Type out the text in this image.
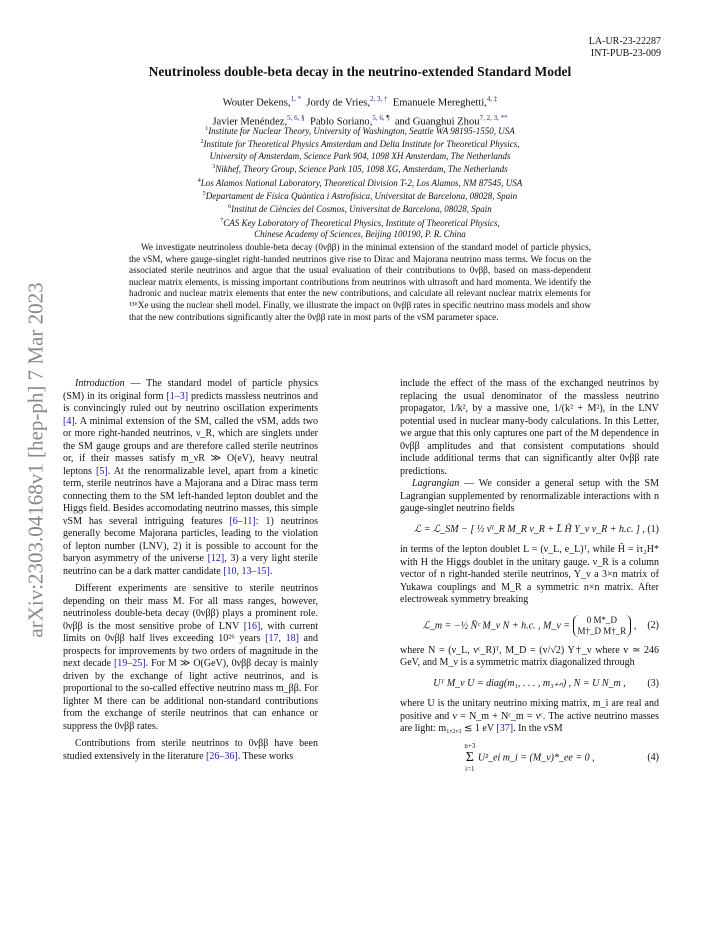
arXiv:2303.04168v1 [hep-ph] 7 Mar 2023
LA-UR-23-22287
INT-PUB-23-009
Neutrinoless double-beta decay in the neutrino-extended Standard Model
Wouter Dekens,$^{1, *}$ Jordy de Vries,$^{2, 3, \dagger}$ Emanuele Mereghetti,$^{4, \ddagger}$
Javier Menéndez,$^{5, 6, \S}$ Pablo Soriano,$^{5, 6, \P}$ and Guanghui Zhou$^{7, 2, 3, **}$
$^1$Institute for Nuclear Theory, University of Washington, Seattle WA 98195-1550, USA
$^2$Institute for Theoretical Physics Amsterdam and Delta Institute for Theoretical Physics,
University of Amsterdam, Science Park 904, 1098 XH Amsterdam, The Netherlands
$^3$Nikhef, Theory Group, Science Park 105, 1098 XG, Amsterdam, The Netherlands
$^4$Los Alamos National Laboratory, Theoretical Division T-2, Los Alamos, NM 87545, USA
$^5$Departament de Física Quàntica i Astrofísica, Universitat de Barcelona, 08028, Spain
$^6$Institut de Ciències del Cosmos, Universitat de Barcelona, 08028, Spain
$^7$CAS Key Laboratory of Theoretical Physics, Institute of Theoretical Physics,
Chinese Academy of Sciences, Beijing 100190, P. R. China
We investigate neutrinoless double-beta decay (0νββ) in the minimal extension of the standard model of particle physics, the νSM, where gauge-singlet right-handed neutrinos give rise to Dirac and Majorana neutrino mass terms. We focus on the associated sterile neutrinos and argue that the usual evaluation of their contributions to 0νββ, based on mass-dependent nuclear matrix elements, is missing important contributions from neutrinos with ultrasoft and hard momenta. We identify the hadronic and nuclear matrix elements that enter the new contributions, and calculate all relevant nuclear matrix elements for ¹³⁶Xe using the nuclear shell model. Finally, we illustrate the impact on 0νββ rates in specific neutrino mass models and show that the new contributions significantly alter the 0νββ rate in most parts of the νSM parameter space.

Introduction — The standard model of particle physics (SM) in its original form [1–3] predicts massless neutrinos and is convincingly ruled out by neutrino oscillation experiments [4]. A minimal extension of the SM, called the νSM, adds two or more right-handed neutrinos, ν_R, which are singlets under the SM gauge groups and are therefore called sterile neutrinos or, if their masses satisfy m_νR ≫ O(eV), heavy neutral leptons [5]. At the renormalizable level, apart from a kinetic term, sterile neutrinos have a Majorana and a Dirac mass term connecting them to the SM left-handed lepton doublet and the Higgs field. Besides accomodating neutrino masses, this simple νSM has several intriguing features [6–11]: 1) neutrinos generally become Majorana particles, leading to the violation of lepton number (LNV), 2) it is possible to account for the baryon asymmetry of the universe [12], 3) a very light sterile neutrino can be a dark matter candidate [10, 13–15].

Different experiments are sensitive to sterile neutrinos depending on their mass M. For all mass ranges, however, neutrinoless double-beta decay (0νββ) plays a prominent role. 0νββ is the most sensitive probe of LNV [16], with current limits on 0νββ half lives exceeding 10²⁶ years [17, 18] and prospects for improvements by two orders of magnitude in the next decade [19–25]. For M ≫ O(GeV), 0νββ decay is mainly driven by the exchange of light active neutrinos, and is proportional to the so-called effective neutrino mass m_ββ. For lighter M there can be additional non-standard contributions from the exchange of sterile neutrinos that can enhance or suppress the 0νββ rates.

Contributions from sterile neutrinos to 0νββ have been studied extensively in the literature [26–36]. These works

include the effect of the mass of the exchanged neutrinos by replacing the usual denominator of the massless neutrino propagator, 1/k², by a massive one, 1/(k² + M²), in the LNV potential used in nuclear many-body calculations. In this Letter, we argue that this only captures one part of the M dependence in 0νββ amplitudes and that consistent computations should include additional terms that can significantly alter 0νββ rate predictions.

Lagrangian — We consider a general setup with the SM Lagrangian supplemented by renormalizable interactions with n gauge-singlet neutrino fields

ℒ = ℒ_SM − [ ½ ν̄ᶜ_R M_R ν_R + L̄ H̃ Y_ν ν_R + h.c. ] , (1)

in terms of the lepton doublet L = (ν_L, e_L)ᵀ, while H̃ = iτ₂H* with H the Higgs doublet in the unitary gauge. ν_R is a column vector of n right-handed sterile neutrinos, Y_ν a 3×n matrix of Yukawa couplings and M_R a symmetric n×n matrix. After electroweak symmetry breaking

ℒ_m = −½ N̄ᶜ M_ν N + h.c. , M_ν =
0 M*_D
M†_D M†_R , (2)

where N = (ν_L, νᶜ_R)ᵀ, M_D = (v/√2) Y†_ν where v ≃ 246 GeV, and M_ν is a symmetric matrix diagonalized through

Uᵀ M_ν U = diag(m₁, . . . , m₃₊ₙ) , N = U N_m , (3)

where U is the unitary neutrino mixing matrix, m_i are real and positive and ν = N_m + Nᶜ_m = νᶜ. The active neutrino masses are light: m₁,₂,₃ ≲ 1 eV [37]. In the νSM

n+3
Σ
i=1
U²_ei m_i = (M_ν)*_ee = 0 ,	(4)
